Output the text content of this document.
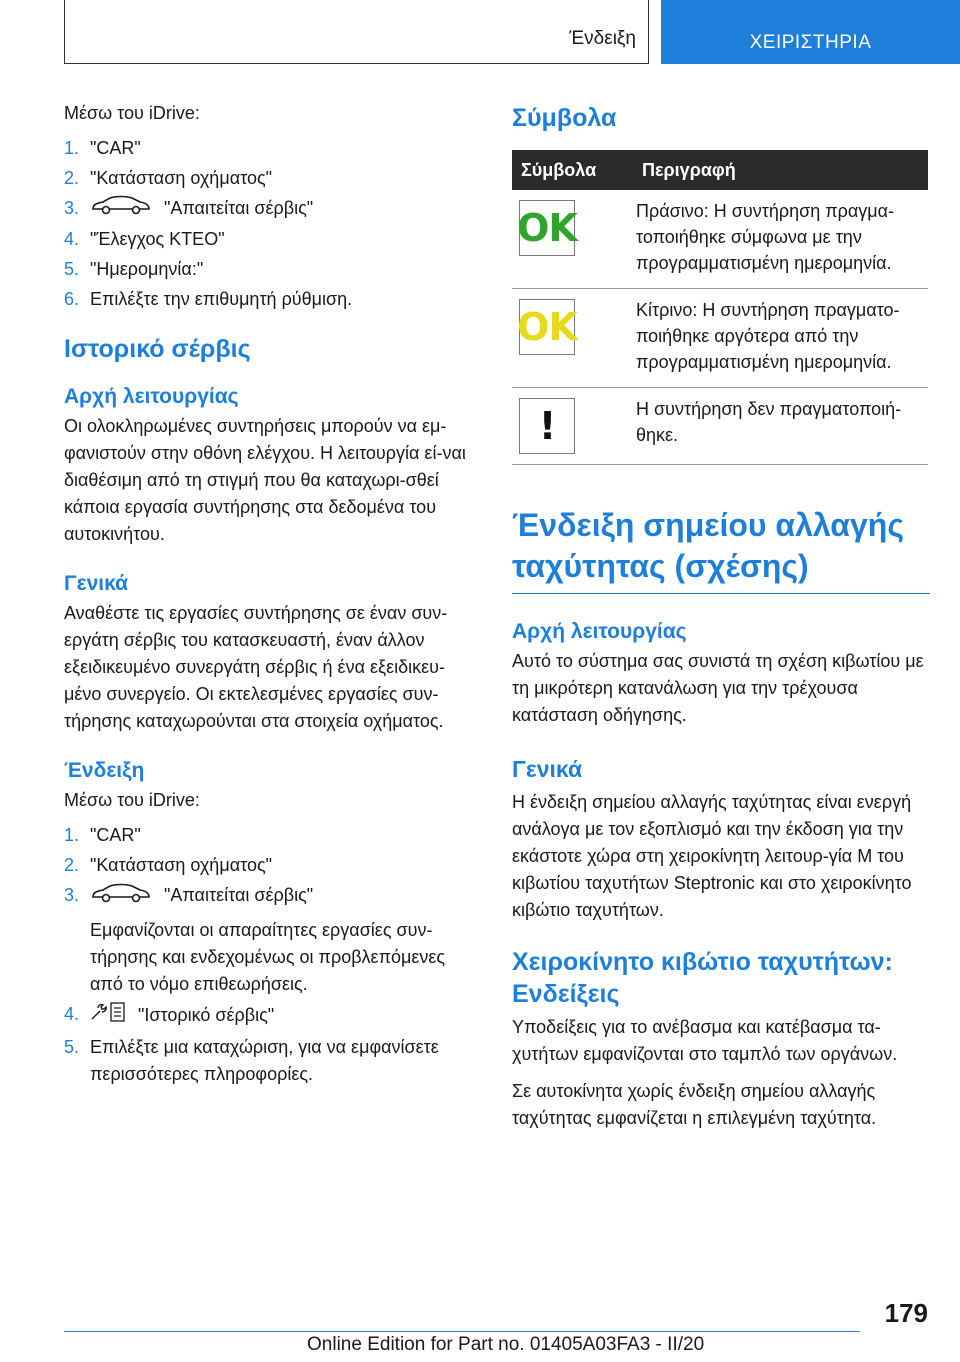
Ένδειξη	ΧΕΙΡΙΣΤΗΡΙΑ

Μέσω του iDrive:

1. "CAR"
2. "Κατάσταση οχήματος"
3.	"Απαιτείται σέρβις"
4. "Έλεγχος ΚΤΕΟ"
5. "Ημερομηνία:"
6. Επιλέξτε την επιθυμητή ρύθμιση.
Ιστορικό σέρβις
Αρχή λειτουργίας

Οι ολοκληρωμένες συντηρήσεις μπορούν να εμ-φανιστούν στην οθόνη ελέγχου. Η λειτουργία εί-ναι διαθέσιμη από τη στιγμή που θα καταχωρι-σθεί κάποια εργασία συντήρησης στα δεδομένα του αυτοκινήτου.

Γενικά

Αναθέστε τις εργασίες συντήρησης σε έναν συν-εργάτη σέρβις του κατασκευαστή, έναν άλλον εξειδικευμένο συνεργάτη σέρβις ή ένα εξειδικευ-μένο συνεργείο. Οι εκτελεσμένες εργασίες συν-τήρησης καταχωρούνται στα στοιχεία οχήματος.

Ένδειξη

Μέσω του iDrive:

1. "CAR"
2. "Κατάσταση οχήματος"
3.	"Απαιτείται σέρβις"
Εμφανίζονται οι απαραίτητες εργασίες συν-τήρησης και ενδεχομένως οι προβλεπόμενες από το νόμο επιθεωρήσεις.
4.	"Ιστορικό σέρβις"
5. Επιλέξτε μια καταχώριση, για να εμφανίσετε περισσότερες πληροφορίες.
Σύμβολα
Σύμβολα	Περιγραφή

OK	Πράσινο: Η συντήρηση πραγμα-τοποιήθηκε σύμφωνα με την προγραμματισμένη ημερομηνία.

OK	Κίτρινο: Η συντήρηση πραγματο-ποιήθηκε αργότερα από την προγραμματισμένη ημερομηνία.

!	Η συντήρηση δεν πραγματοποιή-θηκε.
Ένδειξη σημείου αλλαγής ταχύτητας (σχέσης)
Αρχή λειτουργίας

Αυτό το σύστημα σας συνιστά τη σχέση κιβωτίου με τη μικρότερη κατανάλωση για την τρέχουσα κατάσταση οδήγησης.

Γενικά

Η ένδειξη σημείου αλλαγής ταχύτητας είναι ενεργή ανάλογα με τον εξοπλισμό και την έκδοση για την εκάστοτε χώρα στη χειροκίνητη λειτουρ-γία M του κιβωτίου ταχυτήτων Steptronic και στο χειροκίνητο κιβώτιο ταχυτήτων.

Χειροκίνητο κιβώτιο ταχυτήτων: Ενδείξεις

Υποδείξεις για το ανέβασμα και κατέβασμα τα-χυτήτων εμφανίζονται στο ταμπλό των οργάνων.

Σε αυτοκίνητα χωρίς ένδειξη σημείου αλλαγής ταχύτητας εμφανίζεται η επιλεγμένη ταχύτητα.

179
Online Edition for Part no. 01405A03FA3 - II/20
